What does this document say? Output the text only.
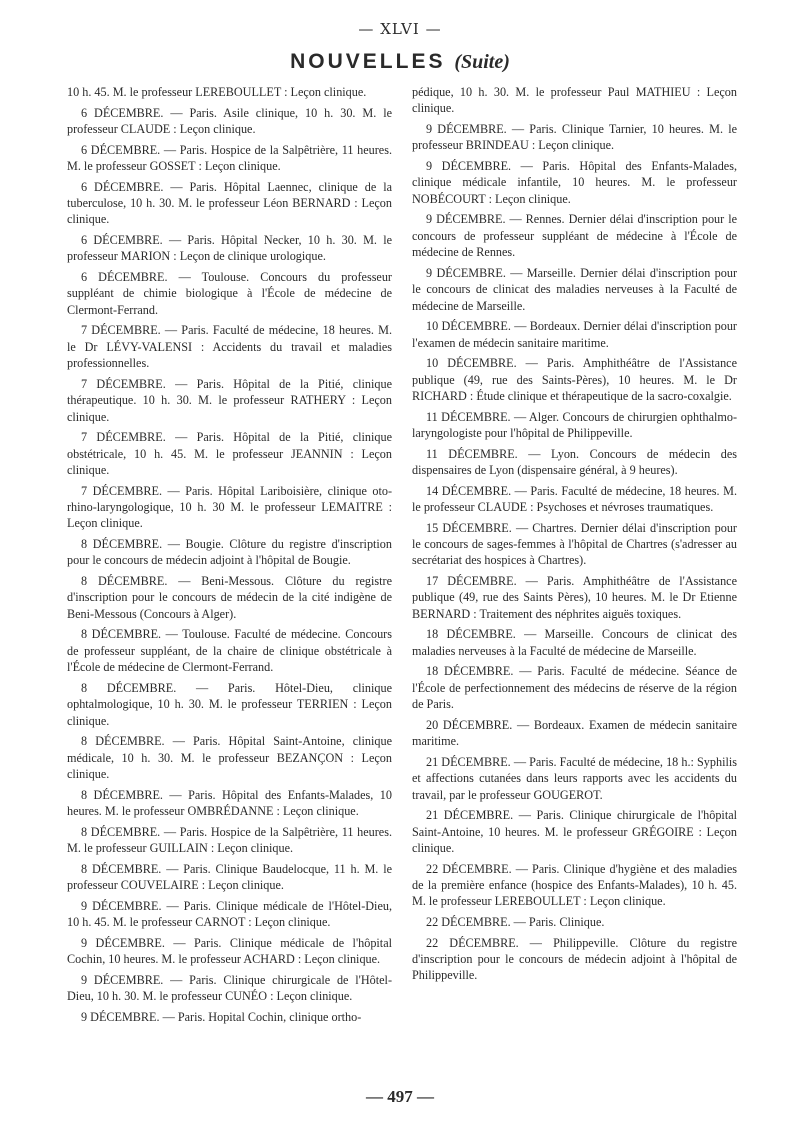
— XLVI —
NOUVELLES (Suite)

10 h. 45. M. le professeur LEREBOULLET : Leçon clinique.

6 DÉCEMBRE. — Paris. Asile clinique, 10 h. 30. M. le professeur CLAUDE : Leçon clinique.

6 DÉCEMBRE. — Paris. Hospice de la Salpêtrière, 11 heures. M. le professeur GOSSET : Leçon clinique.

6 DÉCEMBRE. — Paris. Hôpital Laennec, clinique de la tuberculose, 10 h. 30. M. le professeur Léon BERNARD : Leçon clinique.

6 DÉCEMBRE. — Paris. Hôpital Necker, 10 h. 30. M. le professeur MARION : Leçon de clinique urologique.

6 DÉCEMBRE. — Toulouse. Concours du professeur suppléant de chimie biologique à l'École de médecine de Clermont-Ferrand.

7 DÉCEMBRE. — Paris. Faculté de médecine, 18 heures. M. le Dr LÉVY-VALENSI : Accidents du travail et maladies professionnelles.

7 DÉCEMBRE. — Paris. Hôpital de la Pitié, clinique thérapeutique. 10 h. 30. M. le professeur RATHERY : Leçon clinique.

7 DÉCEMBRE. — Paris. Hôpital de la Pitié, clinique obstétricale, 10 h. 45. M. le professeur JEANNIN : Leçon clinique.

7 DÉCEMBRE. — Paris. Hôpital Lariboisière, clinique oto-rhino-laryngologique, 10 h. 30 M. le professeur LEMAITRE : Leçon clinique.

8 DÉCEMBRE. — Bougie. Clôture du registre d'inscription pour le concours de médecin adjoint à l'hôpital de Bougie.

8 DÉCEMBRE. — Beni-Messous. Clôture du registre d'inscription pour le concours de médecin de la cité indigène de Beni-Messous (Concours à Alger).

8 DÉCEMBRE. — Toulouse. Faculté de médecine. Concours de professeur suppléant, de la chaire de clinique obstétricale à l'École de médecine de Clermont-Ferrand.

8 DÉCEMBRE. — Paris. Hôtel-Dieu, clinique ophtalmologique, 10 h. 30. M. le professeur TERRIEN : Leçon clinique.

8 DÉCEMBRE. — Paris. Hôpital Saint-Antoine, clinique médicale, 10 h. 30. M. le professeur BEZANÇON : Leçon clinique.

8 DÉCEMBRE. — Paris. Hôpital des Enfants-Malades, 10 heures. M. le professeur OMBRÉDANNE : Leçon clinique.

8 DÉCEMBRE. — Paris. Hospice de la Salpêtrière, 11 heures. M. le professeur GUILLAIN : Leçon clinique.

8 DÉCEMBRE. — Paris. Clinique Baudelocque, 11 h. M. le professeur COUVELAIRE : Leçon clinique.

9 DÉCEMBRE. — Paris. Clinique médicale de l'Hôtel-Dieu, 10 h. 45. M. le professeur CARNOT : Leçon clinique.

9 DÉCEMBRE. — Paris. Clinique médicale de l'hôpital Cochin, 10 heures. M. le professeur ACHARD : Leçon clinique.

9 DÉCEMBRE. — Paris. Clinique chirurgicale de l'Hôtel-Dieu, 10 h. 30. M. le professeur CUNÉO : Leçon clinique.

9 DÉCEMBRE. — Paris. Hopital Cochin, clinique ortho-

pédique, 10 h. 30. M. le professeur Paul MATHIEU : Leçon clinique.

9 DÉCEMBRE. — Paris. Clinique Tarnier, 10 heures. M. le professeur BRINDEAU : Leçon clinique.

9 DÉCEMBRE. — Paris. Hôpital des Enfants-Malades, clinique médicale infantile, 10 heures. M. le professeur NOBÉCOURT : Leçon clinique.

9 DÉCEMBRE. — Rennes. Dernier délai d'inscription pour le concours de professeur suppléant de médecine à l'École de médecine de Rennes.

9 DÉCEMBRE. — Marseille. Dernier délai d'inscription pour le concours de clinicat des maladies nerveuses à la Faculté de médecine de Marseille.

10 DÉCEMBRE. — Bordeaux. Dernier délai d'inscription pour l'examen de médecin sanitaire maritime.

10 DÉCEMBRE. — Paris. Amphithéâtre de l'Assistance publique (49, rue des Saints-Pères), 10 heures. M. le Dr RICHARD : Étude clinique et thérapeutique de la sacro-coxalgie.

11 DÉCEMBRE. — Alger. Concours de chirurgien ophthalmo-laryngologiste pour l'hôpital de Philippeville.

11 DÉCEMBRE. — Lyon. Concours de médecin des dispensaires de Lyon (dispensaire général, à 9 heures).

14 DÉCEMBRE. — Paris. Faculté de médecine, 18 heures. M. le professeur CLAUDE : Psychoses et névroses traumatiques.

15 DÉCEMBRE. — Chartres. Dernier délai d'inscription pour le concours de sages-femmes à l'hôpital de Chartres (s'adresser au secrétariat des hospices à Chartres).

17 DÉCEMBRE. — Paris. Amphithéâtre de l'Assistance publique (49, rue des Saints Pères), 10 heures. M. le Dr Etienne BERNARD : Traitement des néphrites aiguës toxiques.

18 DÉCEMBRE. — Marseille. Concours de clinicat des maladies nerveuses à la Faculté de médecine de Marseille.

18 DÉCEMBRE. — Paris. Faculté de médecine. Séance de l'École de perfectionnement des médecins de réserve de la région de Paris.

20 DÉCEMBRE. — Bordeaux. Examen de médecin sanitaire maritime.

21 DÉCEMBRE. — Paris. Faculté de médecine, 18 h.: Syphilis et affections cutanées dans leurs rapports avec les accidents du travail, par le professeur GOUGEROT.

21 DÉCEMBRE. — Paris. Clinique chirurgicale de l'hôpital Saint-Antoine, 10 heures. M. le professeur GRÉGOIRE : Leçon clinique.

22 DÉCEMBRE. — Paris. Clinique d'hygiène et des maladies de la première enfance (hospice des Enfants-Malades), 10 h. 45. M. le professeur LEREBOULLET : Leçon clinique.

22 DÉCEMBRE. — Paris. Clinique.

22 DÉCEMBRE. — Philippeville. Clôture du registre d'inscription pour le concours de médecin adjoint à l'hôpital de Philippeville.

— 497 —
